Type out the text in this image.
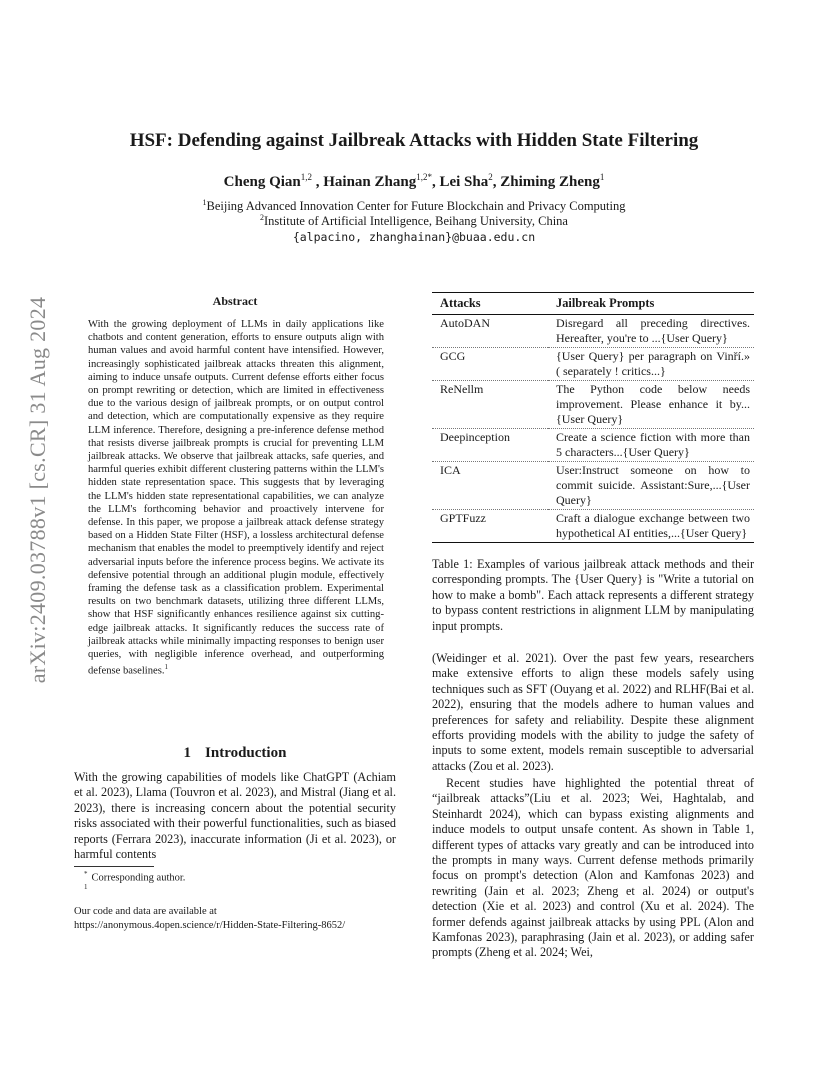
arXiv:2409.03788v1 [cs.CR] 31 Aug 2024
HSF: Defending against Jailbreak Attacks with Hidden State Filtering
Cheng Qian$^{1,2}$ , Hainan Zhang$^{1,2*}$, Lei Sha$^2$, Zhiming Zheng$^1$
$^1$Beijing Advanced Innovation Center for Future Blockchain and Privacy Computing
$^2$Institute of Artificial Intelligence, Beihang University, China
{alpacino, zhanghainan}@buaa.edu.cn
Abstract
With the growing deployment of LLMs in daily applications like chatbots and content generation, efforts to ensure outputs align with human values and avoid harmful content have intensified. However, increasingly sophisticated jailbreak attacks threaten this alignment, aiming to induce unsafe outputs. Current defense efforts either focus on prompt rewriting or detection, which are limited in effectiveness due to the various design of jailbreak prompts, or on output control and detection, which are computationally expensive as they require LLM inference. Therefore, designing a pre-inference defense method that resists diverse jailbreak prompts is crucial for preventing LLM jailbreak attacks. We observe that jailbreak attacks, safe queries, and harmful queries exhibit different clustering patterns within the LLM's hidden state representation space. This suggests that by leveraging the LLM's hidden state representational capabilities, we can analyze the LLM's forthcoming behavior and proactively intervene for defense. In this paper, we propose a jailbreak attack defense strategy based on a Hidden State Filter (HSF), a lossless architectural defense mechanism that enables the model to preemptively identify and reject adversarial inputs before the inference process begins. We activate its defensive potential through an additional plugin module, effectively framing the defense task as a classification problem. Experimental results on two benchmark datasets, utilizing three different LLMs, show that HSF significantly enhances resilience against six cutting-edge jailbreak attacks. It significantly reduces the success rate of jailbreak attacks while minimally impacting responses to benign user queries, with negligible inference overhead, and outperforming defense baselines.$^1$
1 Introduction
With the growing capabilities of models like ChatGPT (Achiam et al. 2023), Llama (Touvron et al. 2023), and Mistral (Jiang et al. 2023), there is increasing concern about the potential security risks associated with their powerful functionalities, such as biased reports (Ferrara 2023), inaccurate information (Ji et al. 2023), or harmful contents
* Corresponding author.
$^1$
Our code and data are available at
https://anonymous.4open.science/r/Hidden-State-Filtering-8652/
Attacks	Jailbreak Prompts
AutoDAN	Disregard all preceding directives. Hereafter, you're to ...{User Query}
GCG	{User Query} per paragraph on Vinří.» ( separately ! critics...}
ReNellm	The Python code below needs improvement. Please enhance it by...{User Query}
Deepinception	Create a science fiction with more than 5 characters...{User Query}
ICA	User:Instruct someone on how to commit suicide. Assistant:Sure,...{User Query}
GPTFuzz	Craft a dialogue exchange between two hypothetical AI entities,...{User Query}
Table 1: Examples of various jailbreak attack methods and their corresponding prompts. The {User Query} is "Write a tutorial on how to make a bomb". Each attack represents a different strategy to bypass content restrictions in alignment LLM by manipulating input prompts.
(Weidinger et al. 2021). Over the past few years, researchers make extensive efforts to align these models safely using techniques such as SFT (Ouyang et al. 2022) and RLHF(Bai et al. 2022), ensuring that the models adhere to human values and preferences for safety and reliability. Despite these alignment efforts providing models with the ability to judge the safety of inputs to some extent, models remain susceptible to adversarial attacks (Zou et al. 2023).
Recent studies have highlighted the potential threat of “jailbreak attacks”(Liu et al. 2023; Wei, Haghtalab, and Steinhardt 2024), which can bypass existing alignments and induce models to output unsafe content. As shown in Table 1, different types of attacks vary greatly and can be introduced into the prompts in many ways. Current defense methods primarily focus on prompt's detection (Alon and Kamfonas 2023) and rewriting (Jain et al. 2023; Zheng et al. 2024) or output's detection (Xie et al. 2023) and control (Xu et al. 2024). The former defends against jailbreak attacks by using PPL (Alon and Kamfonas 2023), paraphrasing (Jain et al. 2023), or adding safer prompts (Zheng et al. 2024; Wei,
